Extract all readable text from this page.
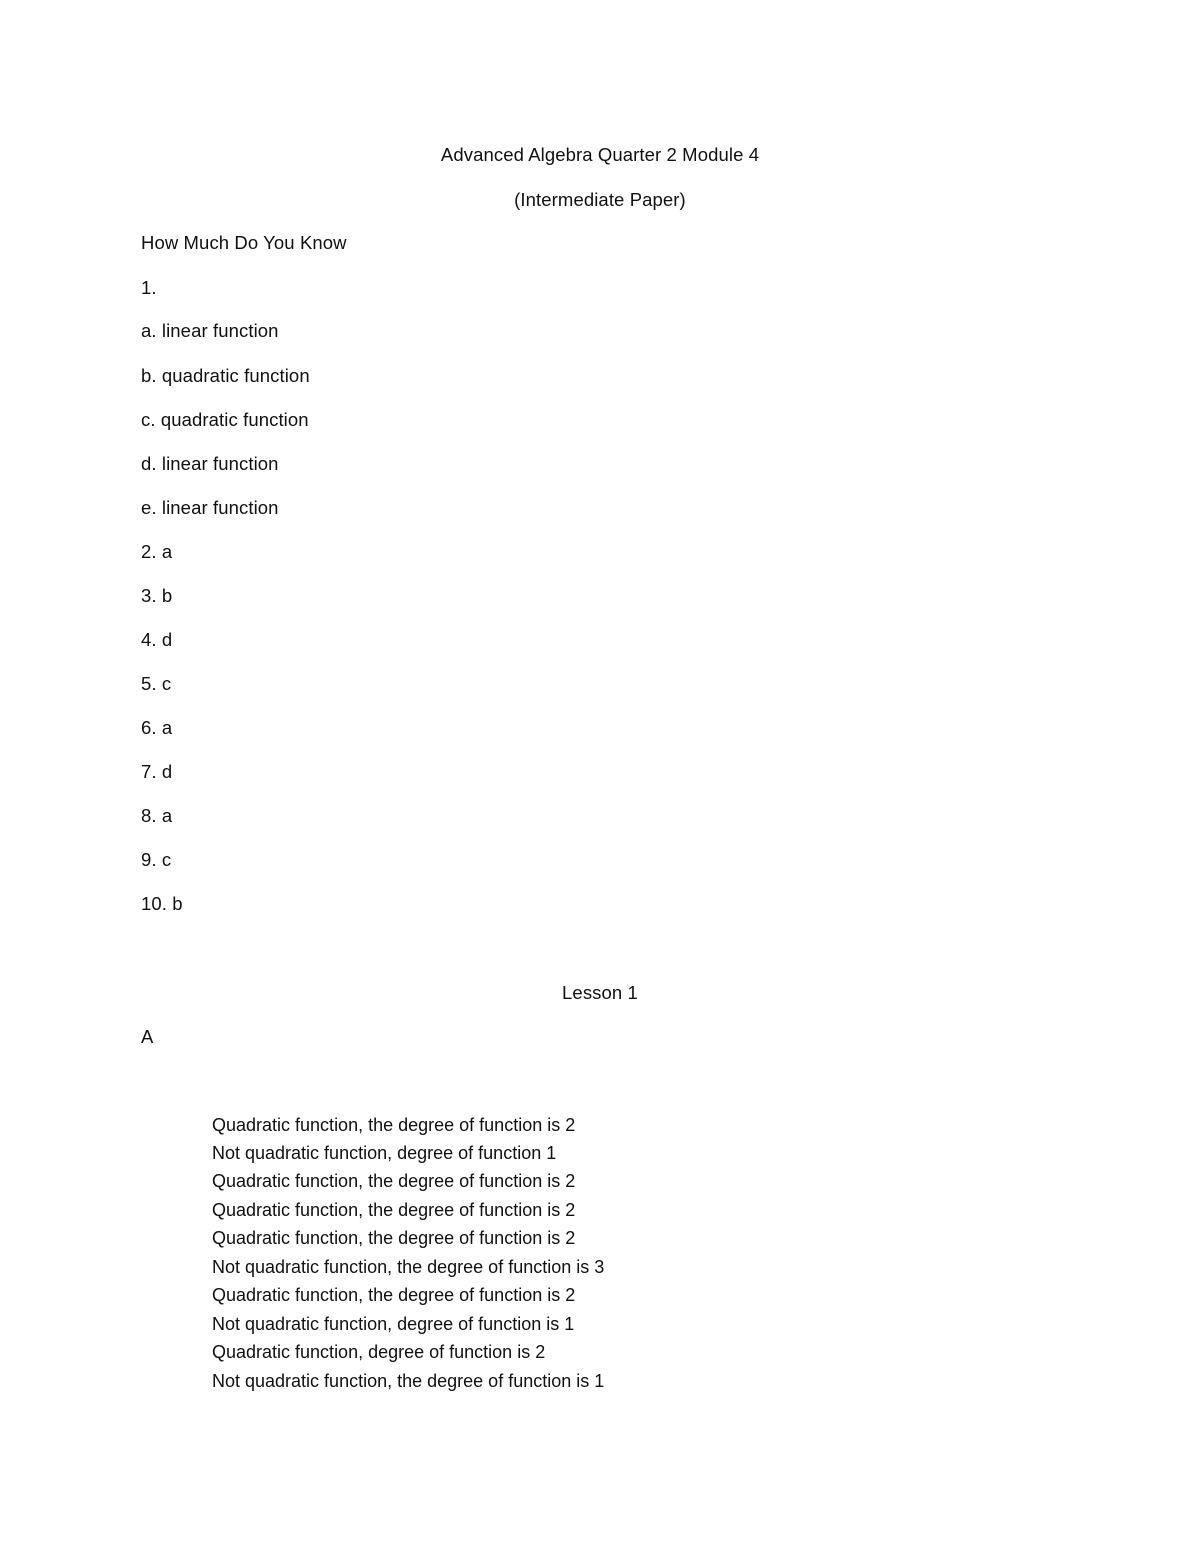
Advanced Algebra Quarter 2 Module 4
(Intermediate Paper)
How Much Do You Know
1.
a. linear function
b. quadratic function
c. quadratic function
d. linear function
e. linear function
2. a
3. b
4. d
5. c
6. a
7. d
8. a
9. c
10. b
Lesson 1
A
Quadratic function, the degree of function is 2
Not quadratic function, degree of function 1
Quadratic function, the degree of function is 2
Quadratic function, the degree of function is 2
Quadratic function, the degree of function is 2
Not quadratic function, the degree of function is 3
Quadratic function, the degree of function is 2
Not quadratic function, degree of function is 1
Quadratic function, degree of function is 2
Not quadratic function, the degree of function is 1
